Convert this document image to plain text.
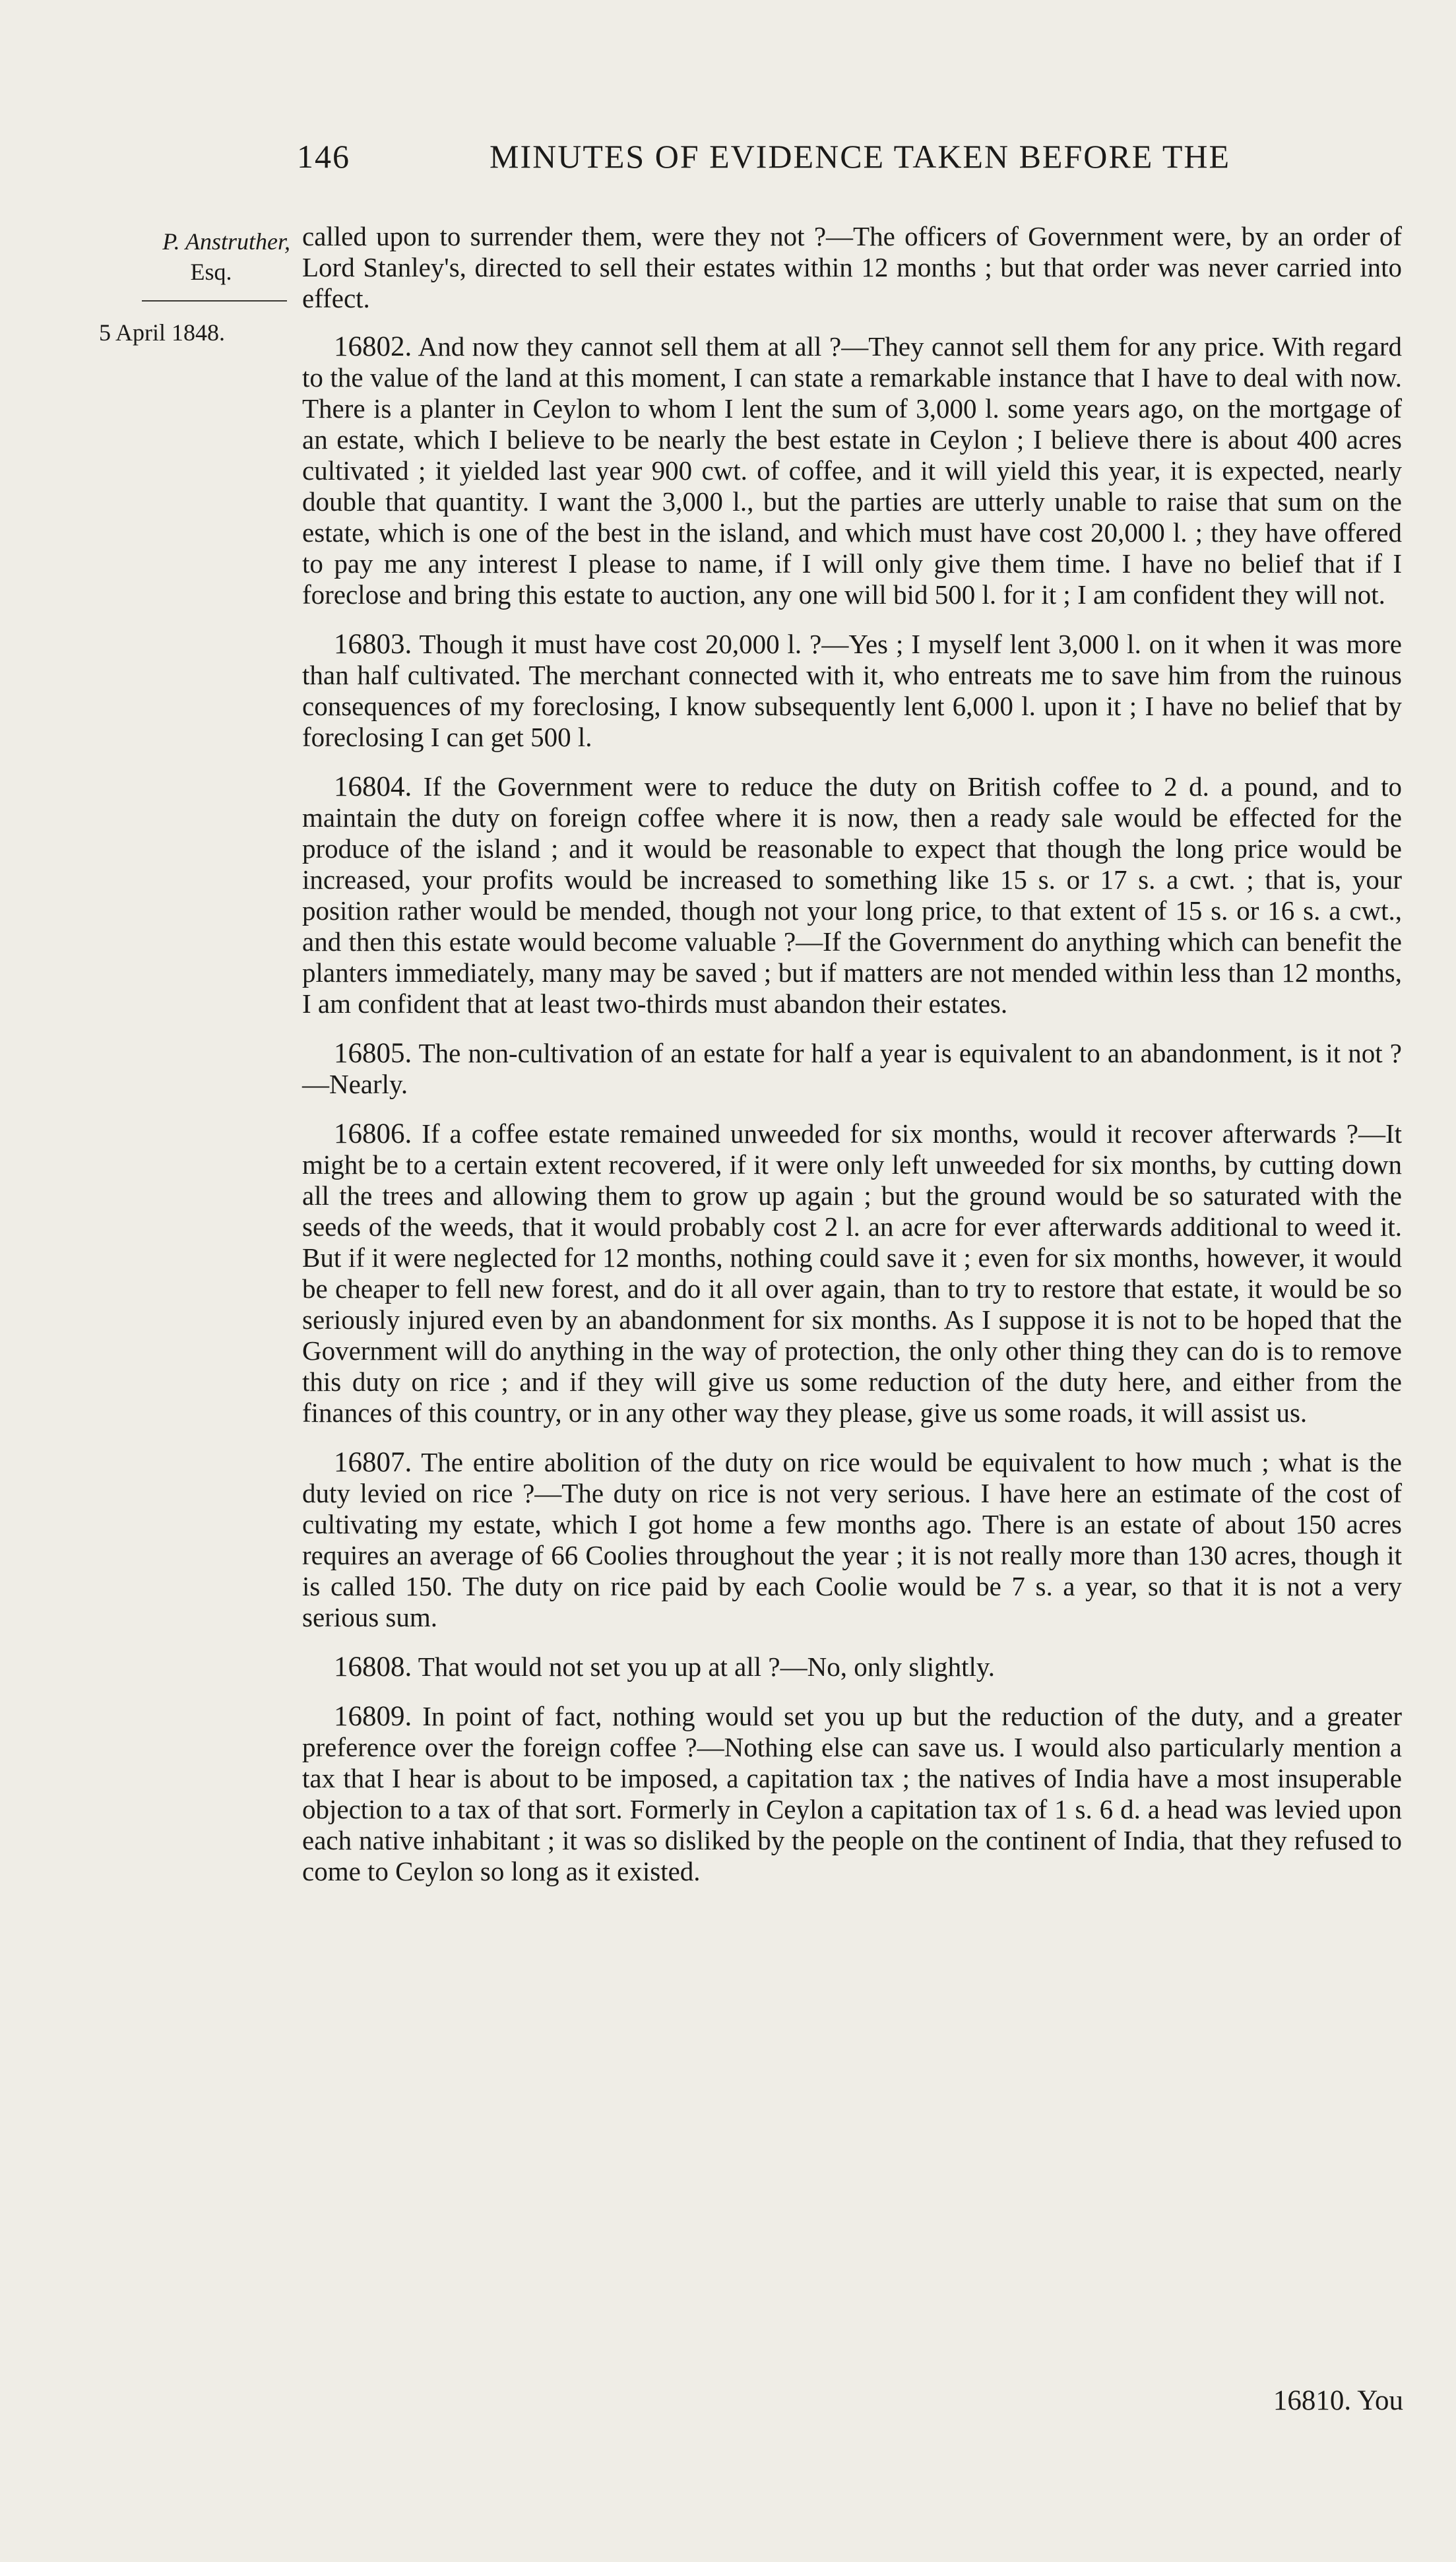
146	MINUTES OF EVIDENCE TAKEN BEFORE THE
P. Anstruther,
Esq.
5 April 1848.

called upon to surrender them, were they not ?—The officers of Government were, by an order of Lord Stanley's, directed to sell their estates within 12 months ; but that order was never carried into effect.

16802. And now they cannot sell them at all ?—They cannot sell them for any price. With regard to the value of the land at this moment, I can state a remarkable instance that I have to deal with now. There is a planter in Ceylon to whom I lent the sum of 3,000 l. some years ago, on the mortgage of an estate, which I believe to be nearly the best estate in Ceylon ; I believe there is about 400 acres cultivated ; it yielded last year 900 cwt. of coffee, and it will yield this year, it is expected, nearly double that quantity. I want the 3,000 l., but the parties are utterly unable to raise that sum on the estate, which is one of the best in the island, and which must have cost 20,000 l. ; they have offered to pay me any interest I please to name, if I will only give them time. I have no belief that if I foreclose and bring this estate to auction, any one will bid 500 l. for it ; I am confident they will not.

16803. Though it must have cost 20,000 l. ?—Yes ; I myself lent 3,000 l. on it when it was more than half cultivated. The merchant connected with it, who entreats me to save him from the ruinous consequences of my foreclosing, I know subsequently lent 6,000 l. upon it ; I have no belief that by foreclosing I can get 500 l.

16804. If the Government were to reduce the duty on British coffee to 2 d. a pound, and to maintain the duty on foreign coffee where it is now, then a ready sale would be effected for the produce of the island ; and it would be reasonable to expect that though the long price would be increased, your profits would be increased to something like 15 s. or 17 s. a cwt. ; that is, your position rather would be mended, though not your long price, to that extent of 15 s. or 16 s. a cwt., and then this estate would become valuable ?—If the Government do anything which can benefit the planters immediately, many may be saved ; but if matters are not mended within less than 12 months, I am confident that at least two-thirds must abandon their estates.

16805. The non-cultivation of an estate for half a year is equivalent to an abandonment, is it not ?—Nearly.

16806. If a coffee estate remained unweeded for six months, would it recover afterwards ?—It might be to a certain extent recovered, if it were only left unweeded for six months, by cutting down all the trees and allowing them to grow up again ; but the ground would be so saturated with the seeds of the weeds, that it would probably cost 2 l. an acre for ever afterwards additional to weed it. But if it were neglected for 12 months, nothing could save it ; even for six months, however, it would be cheaper to fell new forest, and do it all over again, than to try to restore that estate, it would be so seriously injured even by an abandonment for six months. As I suppose it is not to be hoped that the Government will do anything in the way of protection, the only other thing they can do is to remove this duty on rice ; and if they will give us some reduction of the duty here, and either from the finances of this country, or in any other way they please, give us some roads, it will assist us.

16807. The entire abolition of the duty on rice would be equivalent to how much ; what is the duty levied on rice ?—The duty on rice is not very serious. I have here an estimate of the cost of cultivating my estate, which I got home a few months ago. There is an estate of about 150 acres requires an average of 66 Coolies throughout the year ; it is not really more than 130 acres, though it is called 150. The duty on rice paid by each Coolie would be 7 s. a year, so that it is not a very serious sum.

16808. That would not set you up at all ?—No, only slightly.

16809. In point of fact, nothing would set you up but the reduction of the duty, and a greater preference over the foreign coffee ?—Nothing else can save us. I would also particularly mention a tax that I hear is about to be imposed, a capitation tax ; the natives of India have a most insuperable objection to a tax of that sort. Formerly in Ceylon a capitation tax of 1 s. 6 d. a head was levied upon each native inhabitant ; it was so disliked by the people on the continent of India, that they refused to come to Ceylon so long as it existed.

16810. You
